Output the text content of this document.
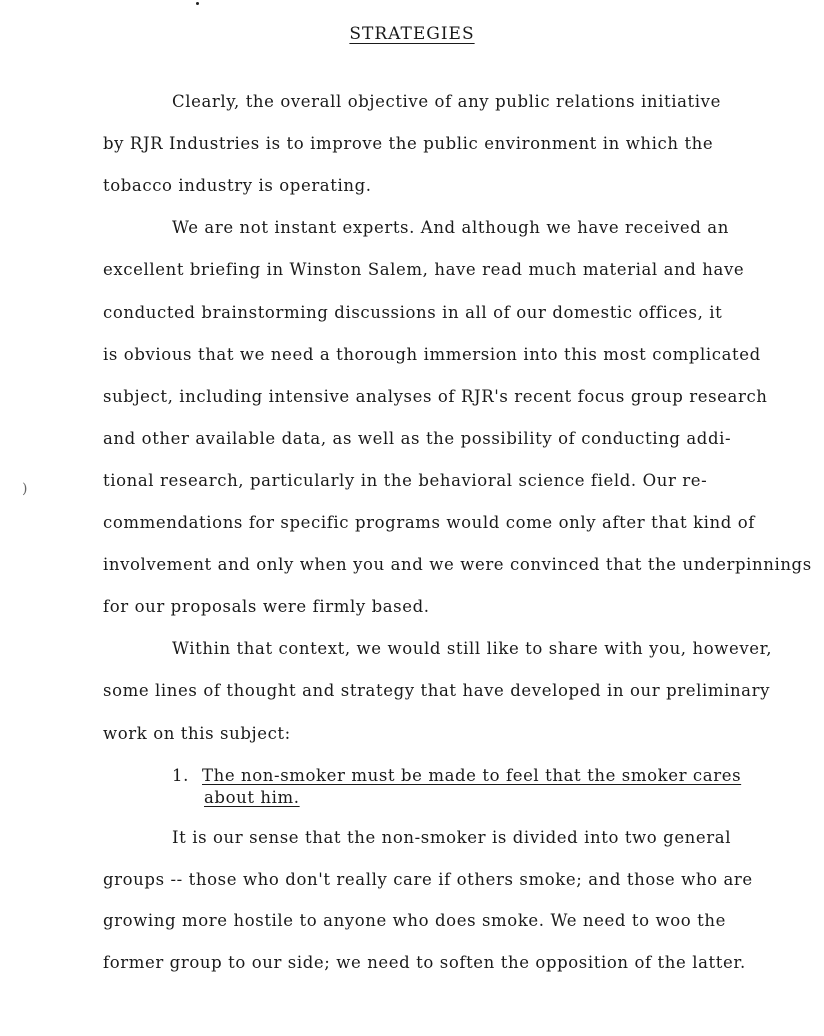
)
STRATEGIES
Clearly, the overall objective of any public relations initiative
by RJR Industries is to improve the public environment in which the
tobacco industry is operating.
We are not instant experts. And although we have received an
excellent briefing in Winston Salem, have read much material and have
conducted brainstorming discussions in all of our domestic offices, it
is obvious that we need a thorough immersion into this most complicated
subject, including intensive analyses of RJR's recent focus group research
and other available data, as well as the possibility of conducting addi-
tional research, particularly in the behavioral science field. Our re-
commendations for specific programs would come only after that kind of
involvement and only when you and we were convinced that the underpinnings
for our proposals were firmly based.
Within that context, we would still like to share with you, however,
some lines of thought and strategy that have developed in our preliminary
work on this subject:
1. The non-smoker must be made to feel that the smoker cares
about him.
It is our sense that the non-smoker is divided into two general
groups -- those who don't really care if others smoke; and those who are
growing more hostile to anyone who does smoke. We need to woo the
former group to our side; we need to soften the opposition of the latter.
